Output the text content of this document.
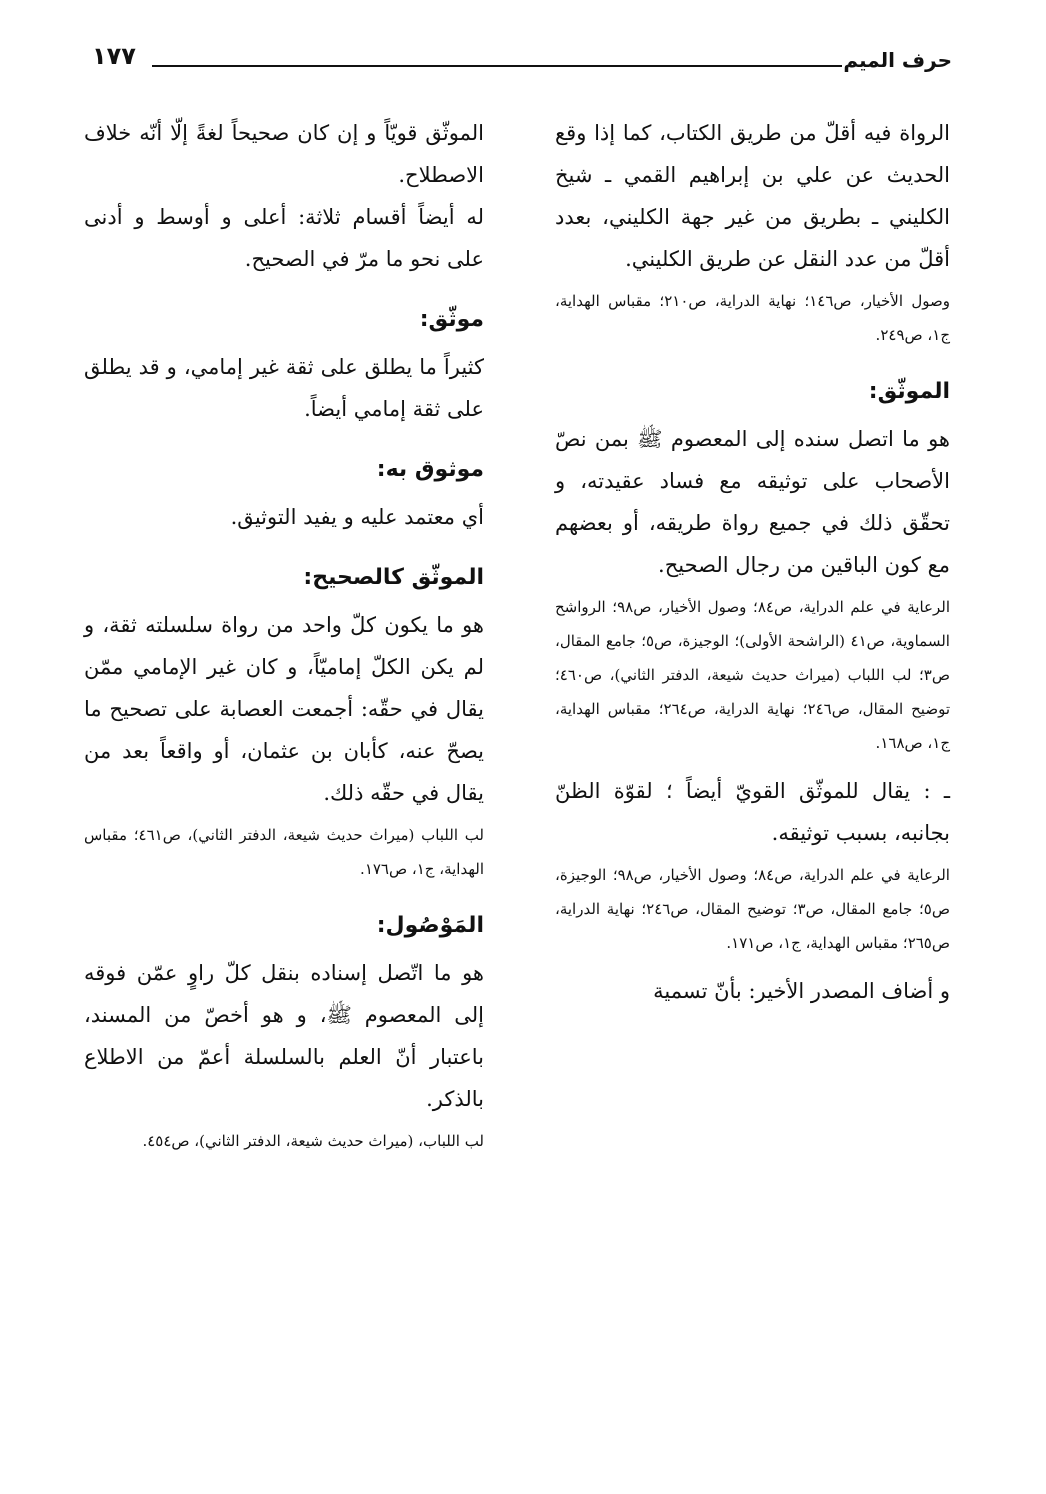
حرف الميم
١٧٧

الرواة فيه أقلّ من طريق الكتاب، كما إذا وقع الحديث عن علي بن إبراهيم القمي ـ شيخ الكليني ـ بطريق من غير جهة الكليني، بعدد أقلّ من عدد النقل عن طريق الكليني.

وصول الأخيار، ص١٤٦؛ نهاية الدراية، ص٢١٠؛ مقباس الهداية، ج١، ص٢٤٩.

الموثّق:

هو ما اتصل سنده إلى المعصوم ﷺ بمن نصّ الأصحاب على توثيقه مع فساد عقيدته، و تحقّق ذلك في جميع رواة طريقه، أو بعضهم مع كون الباقين من رجال الصحيح.

الرعاية في علم الدراية، ص٨٤؛ وصول الأخيار، ص٩٨؛ الرواشح السماوية، ص٤١ (الراشحة الأولى)؛ الوجيزة، ص٥؛ جامع المقال، ص٣؛ لب اللباب (ميراث حديث شيعة، الدفتر الثاني)، ص٤٦٠؛ توضيح المقال، ص٢٤٦؛ نهاية الدراية، ص٢٦٤؛ مقباس الهداية، ج١، ص١٦٨.

ـ : يقال للموثّق القويّ أيضاً ؛ لقوّة الظنّ بجانبه، بسبب توثيقه.

الرعاية في علم الدراية، ص٨٤؛ وصول الأخيار، ص٩٨؛ الوجيزة، ص٥؛ جامع المقال، ص٣؛ توضيح المقال، ص٢٤٦؛ نهاية الدراية، ص٢٦٥؛ مقباس الهداية، ج١، ص١٧١.

و أضاف المصدر الأخير: بأنّ تسمية

الموثّق قويّاً و إن كان صحيحاً لغةً إلّا أنّه خلاف الاصطلاح.

له أيضاً أقسام ثلاثة: أعلى و أوسط و أدنى على نحو ما مرّ في الصحيح.

موثّق:

كثيراً ما يطلق على ثقة غير إمامي، و قد يطلق على ثقة إمامي أيضاً.

موثوق به:

أي معتمد عليه و يفيد التوثيق.

الموثّق كالصحيح:

هو ما يكون كلّ واحد من رواة سلسلته ثقة، و لم يكن الكلّ إماميّاً، و كان غير الإمامي ممّن يقال في حقّه: أجمعت العصابة على تصحيح ما يصحّ عنه، كأبان بن عثمان، أو واقعاً بعد من يقال في حقّه ذلك.

لب اللباب (ميراث حديث شيعة، الدفتر الثاني)، ص٤٦١؛ مقباس الهداية، ج١، ص١٧٦.

المَوْصُول:

هو ما اتّصل إسناده بنقل كلّ راوٍ عمّن فوقه إلى المعصوم ﷺ، و هو أخصّ من المسند، باعتبار أنّ العلم بالسلسلة أعمّ من الاطلاع بالذكر.

لب اللباب، (ميراث حديث شيعة، الدفتر الثاني)، ص٤٥٤.
